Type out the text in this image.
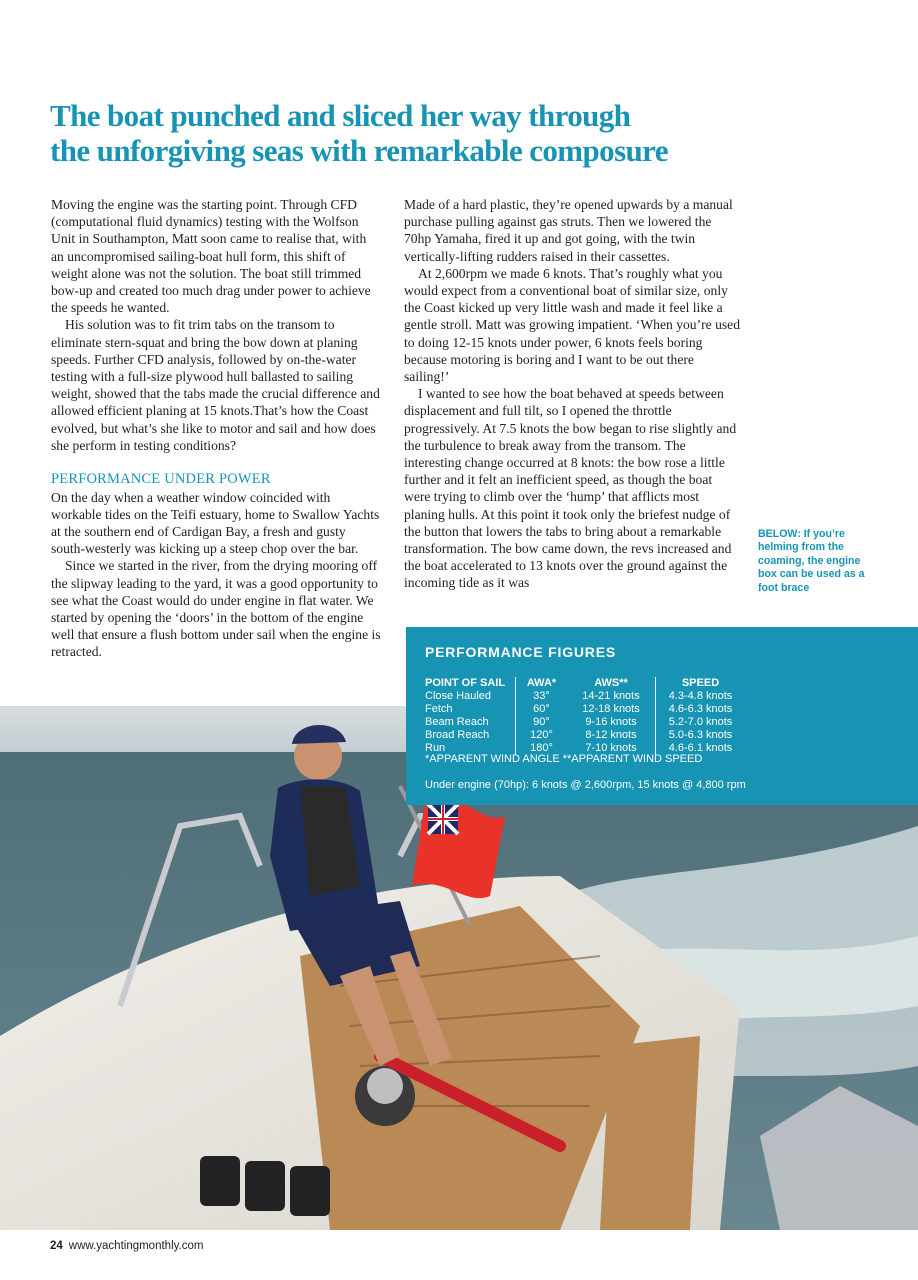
The boat punched and sliced her way through
the unforgiving seas with remarkable composure

Moving the engine was the starting point. Through CFD (computational fluid dynamics) testing with the Wolfson Unit in Southampton, Matt soon came to realise that, with an uncompromised sailing-boat hull form, this shift of weight alone was not the solution. The boat still trimmed bow-up and created too much drag under power to achieve the speeds he wanted.

His solution was to fit trim tabs on the transom to eliminate stern-squat and bring the bow down at planing speeds. Further CFD analysis, followed by on-the-water testing with a full-size plywood hull ballasted to sailing weight, showed that the tabs made the crucial difference and allowed efficient planing at 15 knots.That’s how the Coast evolved, but what’s she like to motor and sail and how does she perform in testing conditions?

PERFORMANCE UNDER POWER

On the day when a weather window coincided with workable tides on the Teifi estuary, home to Swallow Yachts at the southern end of Cardigan Bay, a fresh and gusty south-westerly was kicking up a steep chop over the bar.

Since we started in the river, from the drying mooring off the slipway leading to the yard, it was a good opportunity to see what the Coast would do under engine in flat water. We started by opening the ‘doors’ in the bottom of the engine well that ensure a flush bottom under sail when the engine is retracted.

Made of a hard plastic, they’re opened upwards by a manual purchase pulling against gas struts. Then we lowered the 70hp Yamaha, fired it up and got going, with the twin vertically-lifting rudders raised in their cassettes.

At 2,600rpm we made 6 knots. That’s roughly what you would expect from a conventional boat of similar size, only the Coast kicked up very little wash and made it feel like a gentle stroll. Matt was growing impatient. ‘When you’re used to doing 12-15 knots under power, 6 knots feels boring because motoring is boring and I want to be out there sailing!’

I wanted to see how the boat behaved at speeds between displacement and full tilt, so I opened the throttle progressively. At 7.5 knots the bow began to rise slightly and the turbulence to break away from the transom. The interesting change occurred at 8 knots: the bow rose a little further and it felt an inefficient speed, as though the boat were trying to climb over the ‘hump’ that afflicts most planing hulls. At this point it took only the briefest nudge of the button that lowers the tabs to bring about a remarkable transformation. The bow came down, the revs increased and the boat accelerated to 13 knots over the ground against the incoming tide as it was

BELOW: If you’re helming from the coaming, the engine box can be used as a foot brace
PERFORMANCE FIGURES
POINT OF SAIL	AWA*	AWS**	SPEED
Close Hauled	33°	14-21 knots	4.3-4.8 knots
Fetch	60°	12-18 knots	4.6-6.3 knots
Beam Reach	90°	9-16 knots	5.2-7.0 knots
Broad Reach	120°	8-12 knots	5.0-6.3 knots
Run	180°	7-10 knots	4.6-6.1 knots
*APPARENT WIND ANGLE **APPARENT WIND SPEED
Under engine (70hp): 6 knots @ 2,600rpm, 15 knots @ 4,800 rpm
24 www.yachtingmonthly.com
